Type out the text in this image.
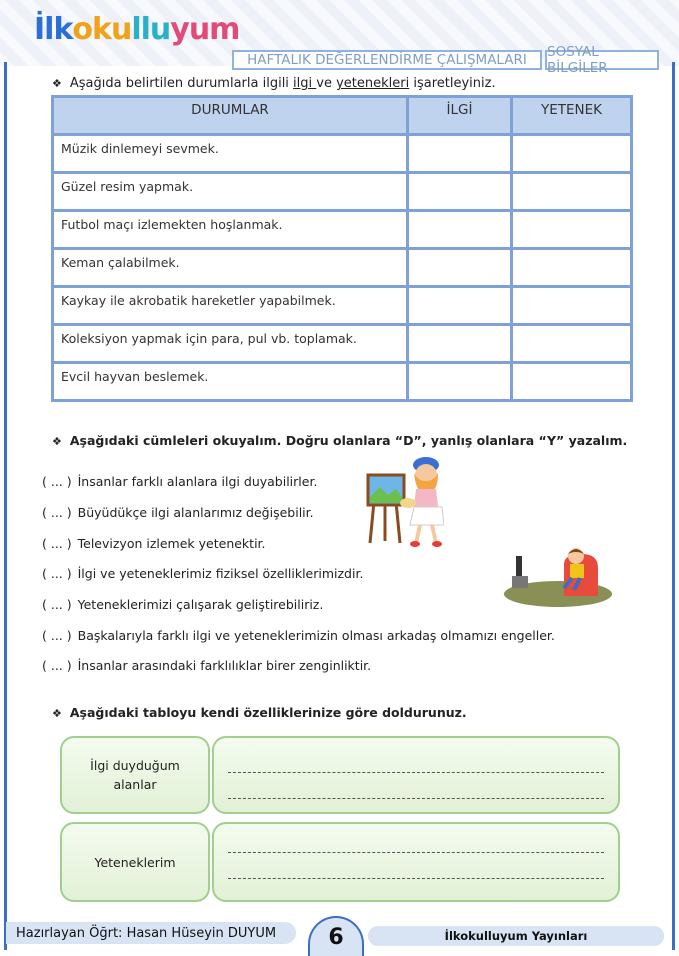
İlk oku llu yum
HAFTALIK DEĞERLENDİRME ÇALIŞMALARI	SOSYAL BİLGİLER
❖ Aşağıda belirtilen durumlarla ilgili ilgi ve yetenekleri işaretleyiniz.
DURUMLAR	İLGİ	YETENEK
Müzik dinlemeyi sevmek.		
Güzel resim yapmak.		
Futbol maçı izlemekten hoşlanmak.		
Keman çalabilmek.		
Kaykay ile akrobatik hareketler yapabilmek.		
Koleksiyon yapmak için para, pul vb. toplamak.		
Evcil hayvan beslemek.		
❖ Aşağıdaki cümleleri okuyalım. Doğru olanlara “D”, yanlış olanlara “Y” yazalım.
( ... ) İnsanlar farklı alanlara ilgi duyabilirler.
( ... ) Büyüdükçe ilgi alanlarımız değişebilir.
( ... ) Televizyon izlemek yetenektir.
( ... ) İlgi ve yeteneklerimiz fiziksel özelliklerimizdir.
( ... ) Yeteneklerimizi çalışarak geliştirebiliriz.
( ... ) Başkalarıyla farklı ilgi ve yeteneklerimizin olması arkadaş olmamızı engeller.
( ... ) İnsanlar arasındaki farklılıklar birer zenginliktir.
❖ Aşağıdaki tabloyu kendi özelliklerinize göre doldurunuz.
İlgi duyduğum
alanlar
Yeteneklerim
Hazırlayan Öğrt: Hasan Hüseyin DUYUM	6	İlkokulluyum Yayınları
